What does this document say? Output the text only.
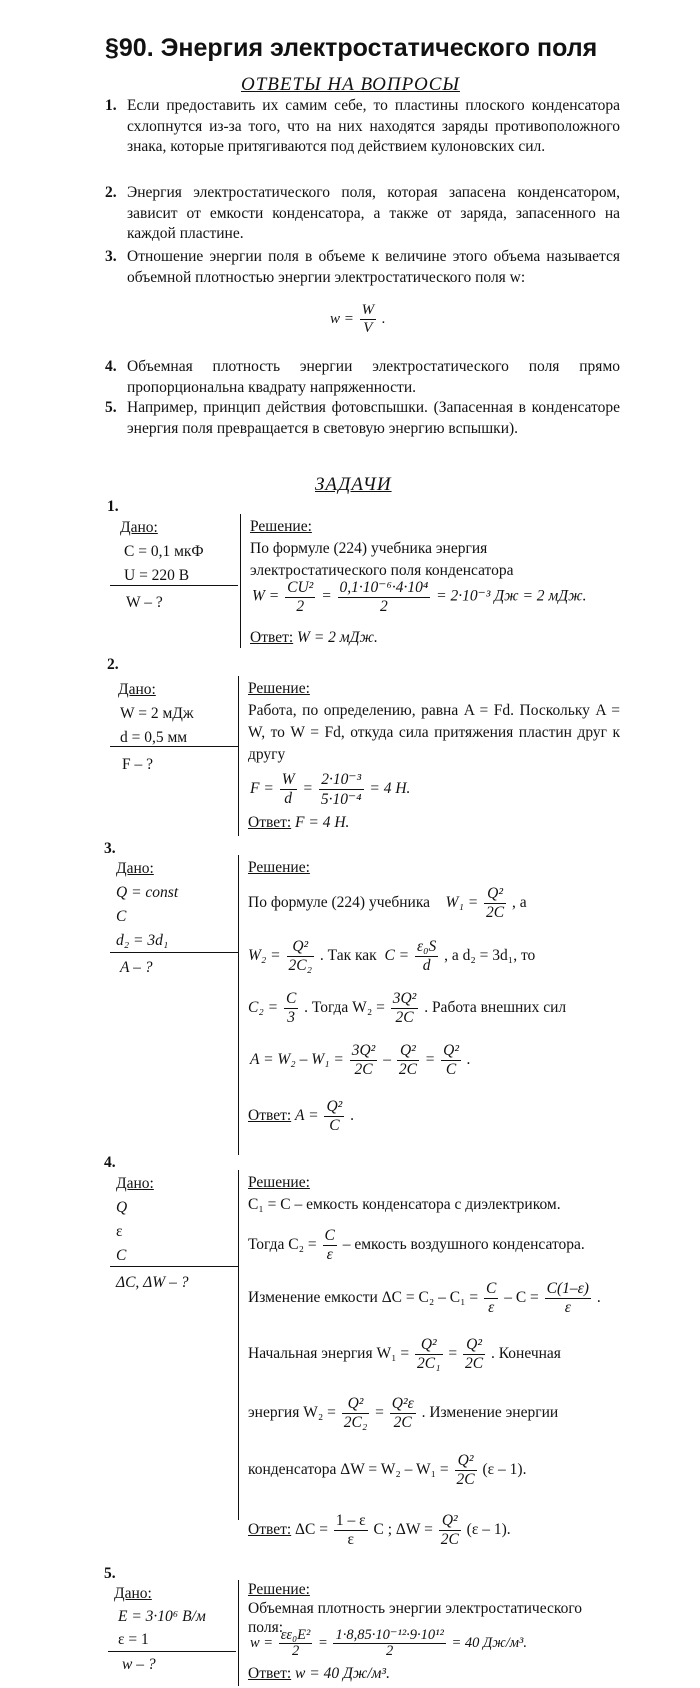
§90. Энергия электростатического поля
ОТВЕТЫ НА ВОПРОСЫ
1. Если предоставить их самим себе, то пластины плоского конденсатора схлопнутся из-за того, что на них находятся заряды противоположного знака, которые притягиваются под действием кулоновских сил.
2. Энергия электростатического поля, которая запасена конденсатором, зависит от емкости конденсатора, а также от заряда, запасенного на каждой пластине.
3. Отношение энергии поля в объеме к величине этого объема называется объемной плотностью энергии электростатического поля w:
$w = \frac{W}{V}$ .
4. Объемная плотность энергии электростатического поля прямо пропорциональна квадрату напряженности.
5. Например, принцип действия фотовспышки. (Запасенная в конденсаторе энергия поля превращается в световую энергию вспышки).
ЗАДАЧИ
1.
Дано:
C = 0,1 мкФ
U = 220 В
W – ?
Решение:
По формуле (224) учебника энергия электростатического поля конденсатора
$W = \frac{\text{CU²}}{2} = \frac{\text{0,1·10⁻⁶·4·10⁴}}{2} = 2\cdot 10^{-3}$ Дж = 2 мДж.
Ответ: W = 2 мДж.
2.
Дано:
W = 2 мДж
d = 0,5 мм
F – ?
Решение:
Работа, по определению, равна A = Fd. Поскольку A = W, то W = Fd, откуда сила притяжения пластин друг к другу
$F = \frac{W}{d} = \frac{\text{2·10⁻³}}{\text{5·10⁻⁴}} = 4$ Н.
Ответ: F = 4 Н.
3.
Дано:
Q = const
C
d₂ = 3d₁
A – ?
Решение:
По формуле (224) учебника $W_1 = \frac{\text{Q²}}{2C}$ , а
$W_2 = \frac{\text{Q²}}{\text{2C₂}}$ . Так как $C = \frac{\text{ε₀S}}{d}$ , а d₂ = 3d₁, то
$C_2 = \frac{C}{3}$ . Тогда $W_2 = \frac{\text{3Q²}}{2C}$ . Работа внешних сил
$A = W_2 - W_1 = \frac{\text{3Q²}}{2C} - \frac{\text{Q²}}{2C} = \frac{\text{Q²}}{C}$ .
Ответ: $A = \frac{\text{Q²}}{C}$ .
4.
Дано:
Q
ε
C
ΔC, ΔW – ?
Решение:
C₁ = C – емкость конденсатора с диэлектриком.
Тогда $C_2 = \frac{C}{\varepsilon}$ – емкость воздушного конденсатора.
Изменение емкости $\Delta C = C_2 - C_1 = \frac{C}{\varepsilon} - C = \frac{C(1-\varepsilon)}{\varepsilon}$ .
Начальная энергия $W_1 = \frac{\text{Q²}}{\text{2C₁}} = \frac{\text{Q²}}{2C}$ . Конечная
энергия $W_2 = \frac{\text{Q²}}{\text{2C₂}} = \frac{\text{Q²ε}}{2C}$ . Изменение энергии
конденсатора $\Delta W = W_2 - W_1 = \frac{\text{Q²}}{2C} (\varepsilon - 1)$.
Ответ: $\Delta C = \frac{1 - \varepsilon}{\varepsilon}$ C ; $\Delta W = \frac{\text{Q²}}{2C} (\varepsilon - 1)$.
5.
Дано:
E = 3·10⁶ В/м
ε = 1
w – ?
Решение:
Объемная плотность энергии электростатического поля:
$w = \frac{\text{εε₀E²}}{2} = \frac{\text{1·8,85·10⁻¹²·9·10¹²}}{2} = 40$ Дж/м³.
Ответ: w = 40 Дж/м³.
